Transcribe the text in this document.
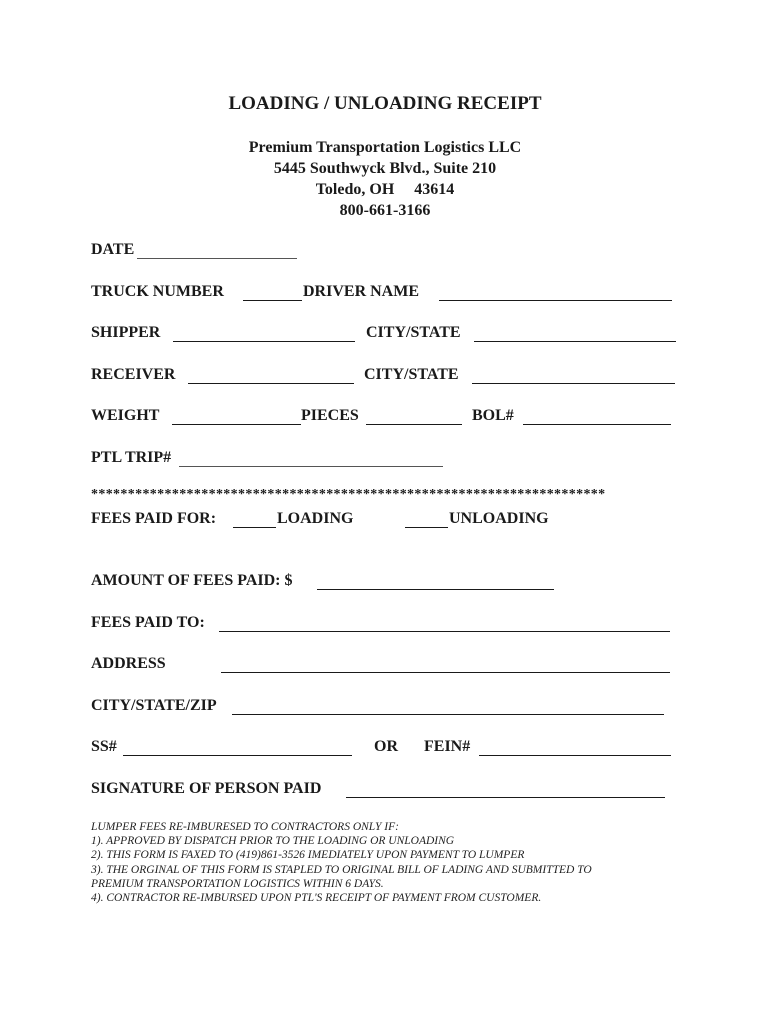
LOADING / UNLOADING RECEIPT
Premium Transportation Logistics LLC
5445 Southwyck Blvd., Suite 210
Toledo, OH     43614
800-661-3166
DATE
TRUCK NUMBER	DRIVER NAME
SHIPPER	CITY/STATE
RECEIVER	CITY/STATE
WEIGHT	PIECES	BOL#
PTL TRIP#
**********************************************************************
FEES PAID FOR:	LOADING	UNLOADING
AMOUNT OF FEES PAID: $
FEES PAID TO:
ADDRESS
CITY/STATE/ZIP
SS#	OR FEIN#
SIGNATURE OF PERSON PAID
LUMPER FEES RE-IMBURESED TO CONTRACTORS ONLY IF:
1). APPROVED BY DISPATCH PRIOR TO THE LOADING OR UNLOADING
2). THIS FORM IS FAXED TO (419)861-3526 IMEDIATELY UPON PAYMENT TO LUMPER
3). THE ORGINAL OF THIS FORM IS STAPLED TO ORIGINAL BILL OF LADING AND SUBMITTED TO
PREMIUM TRANSPORTATION LOGISTICS WITHIN 6 DAYS.
4). CONTRACTOR RE-IMBURSED UPON PTL'S RECEIPT OF PAYMENT FROM CUSTOMER.
